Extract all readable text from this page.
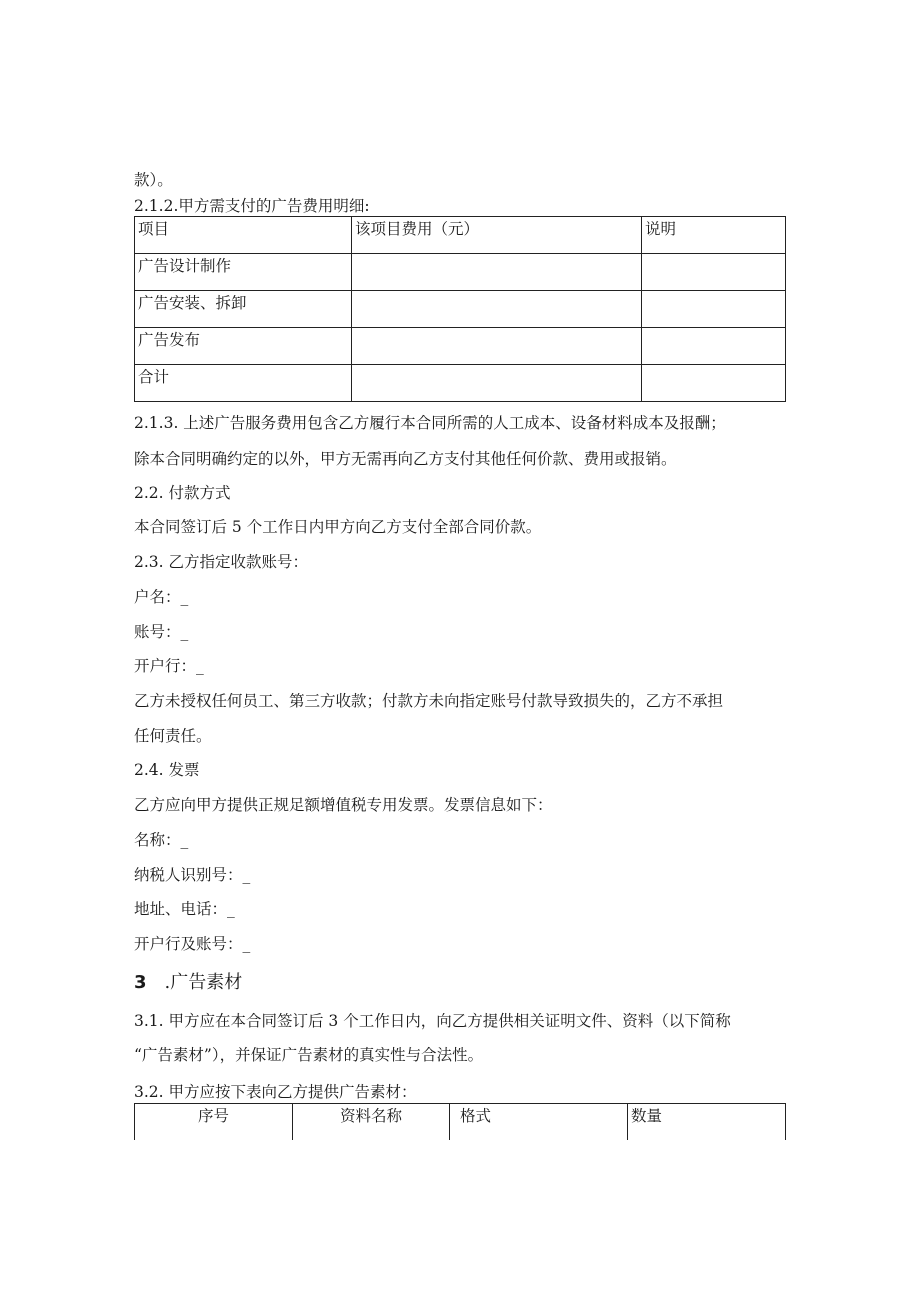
款）。
2.1.2.甲方需支付的广告费用明细:
项目	该项目费用（元）	说明
广告设计制作		
广告安装、拆卸		
广告发布		
合计		
2.1.3. 上述广告服务费用包含乙方履行本合同所需的人工成本、设备材料成本及报酬；
除本合同明确约定的以外，甲方无需再向乙方支付其他任何价款、费用或报销。
2.2. 付款方式
本合同签订后 5 个工作日内甲方向乙方支付全部合同价款。
2.3. 乙方指定收款账号：
户名：_
账号：_
开户行：_
乙方未授权任何员工、第三方收款；付款方未向指定账号付款导致损失的，乙方不承担
任何责任。
2.4. 发票
乙方应向甲方提供正规足额增值税专用发票。发票信息如下：
名称：_
纳税人识别号：_
地址、电话：_
开户行及账号：_
3 .广告素材
3.1. 甲方应在本合同签订后 3 个工作日内，向乙方提供相关证明文件、资料（以下简称
“广告素材”），并保证广告素材的真实性与合法性。
3.2. 甲方应按下表向乙方提供广告素材：
序号	资料名称	格式	数量
